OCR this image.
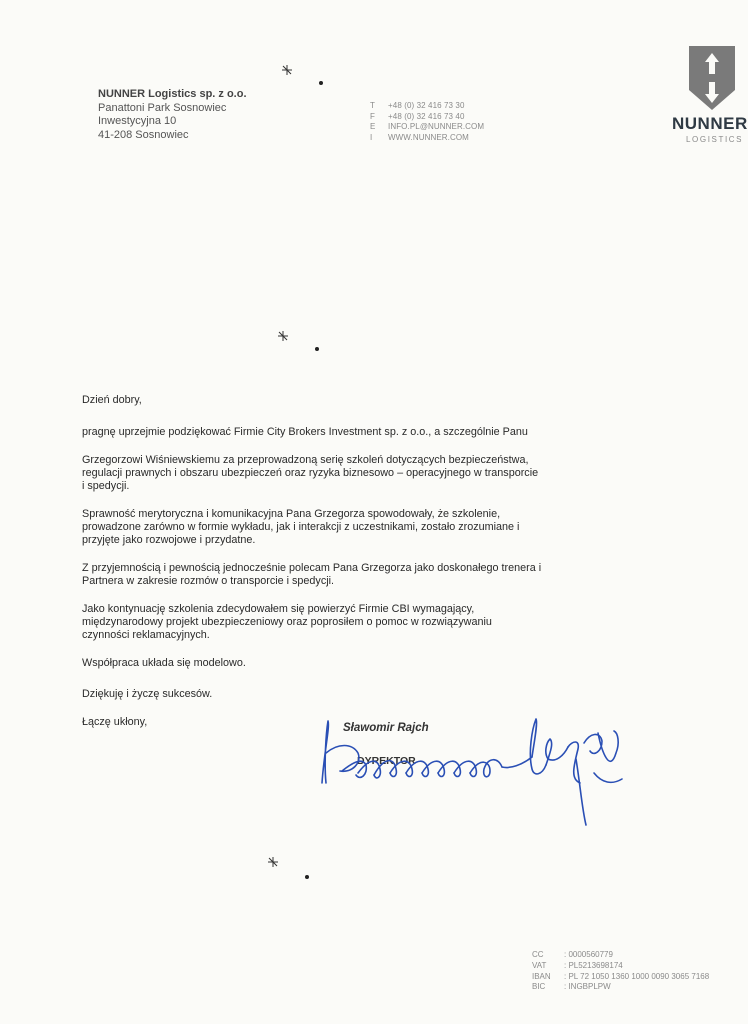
NUNNER Logistics sp. z o.o.
Panattoni Park Sosnowiec
Inwestycyjna 10
41-208 Sosnowiec
T	+48 (0) 32 416 73 30
F	+48 (0) 32 416 73 40
E	INFO.PL@NUNNER.COM
I	WWW.NUNNER.COM
NUNNER
LOGISTICS

Dzień dobry,

pragnę uprzejmie podziękować Firmie City Brokers Investment sp. z o.o., a szczególnie Panu

Grzegorzowi Wiśniewskiemu za przeprowadzoną serię szkoleń dotyczących bezpieczeństwa, regulacji prawnych i obszaru ubezpieczeń oraz ryzyka biznesowo – operacyjnego w transporcie i spedycji.

Sprawność merytoryczna i komunikacyjna Pana Grzegorza spowodowały, że szkolenie, prowadzone zarówno w formie wykładu, jak i interakcji z uczestnikami, zostało zrozumiane i przyjęte jako rozwojowe i przydatne.

Z przyjemnością i pewnością jednocześnie polecam Pana Grzegorza jako doskonałego trenera i Partnera w zakresie rozmów o transporcie i spedycji.

Jako kontynuację szkolenia zdecydowałem się powierzyć Firmie CBI wymagający, międzynarodowy projekt ubezpieczeniowy oraz poprosiłem o pomoc w rozwiązywaniu czynności reklamacyjnych.

Współpraca układa się modelowo.

Dziękuję i życzę sukcesów.

Łączę ukłony,	Sławomir Rajch
DYREKTOR
CC	: 0000560779
VAT	: PL5213698174
IBAN	: PL 72 1050 1360 1000 0090 3065 7168
BIC	: INGBPLPW
